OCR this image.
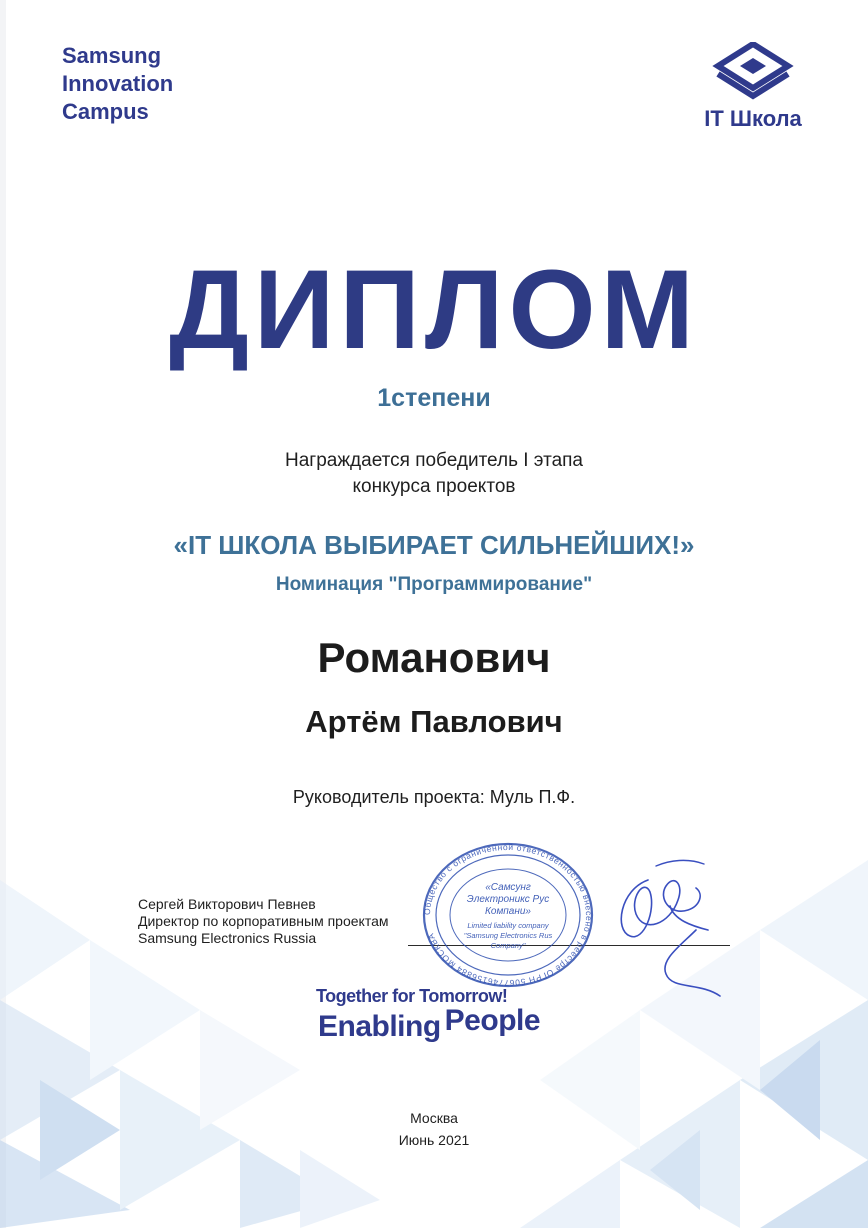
Samsung
Innovation
Campus	IT Школа
ДИПЛОМ
1степени
Награждается победитель I этапа
конкурса проектов
«IT ШКОЛА ВЫБИРАЕТ СИЛЬНЕЙШИХ!»
Номинация "Программирование"
Романович
Артём Павлович
Руководитель проекта: Муль П.Ф.
Сергей Викторович Певнев
Директор по корпоративным проектам
Samsung Electronics Russia
Общество с ограниченной ответственностью внесено в реестре ОГРН 5067746156884 МОСКВА
«Самсунг
Электроникс Рус
Компани»
Limited liability company
"Samsung Electronics Rus
Company"
Together for Tomorrow!
Enabling People
Москва
Июнь 2021
